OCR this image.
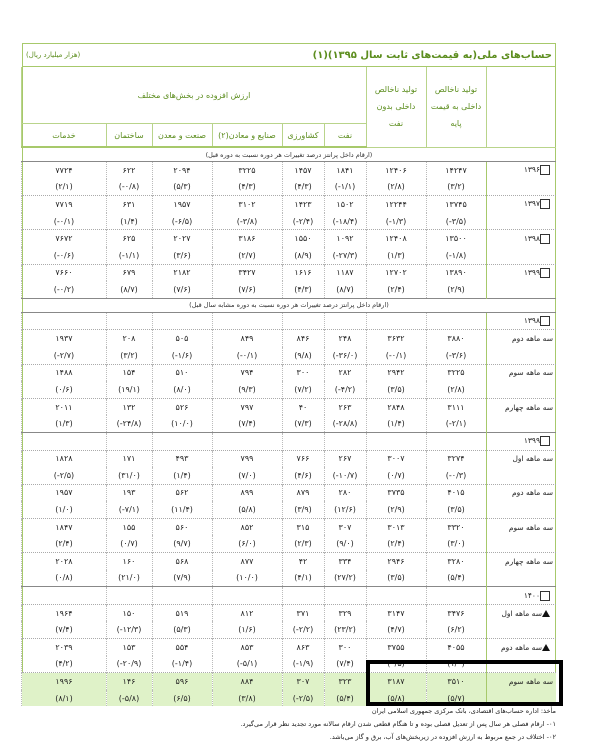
حساب‌های ملی(به قیمت‌های ثابت سال ۱۳۹۵)(۱)
(هزار میلیارد ریال)
	تولید ناخالص داخلی به قیمت پایه	تولید ناخالص داخلی بدون نفت	ارزش افزوده در بخش‌های مختلف					
			نفت	کشاورزی	صنایع و معادن(۲)	صنعت و معدن	ساختمان	خدمات
(ارقام داخل پرانتز درصد تغییرات هر دوره نسبت به دوره قبل)								
۱۳۹۶	۱۴۲۴۷	۱۲۴۰۶	۱۸۴۱	۱۴۵۷	۳۲۲۵	۲۰۹۴	۶۲۲	۷۷۲۴
	(۳/۲)	(۲/۸)	(۱/۱-)	(۴/۳)	(۴/۳)	(۵/۳)	(۰/۸-)	(۲/۱)
۱۳۹۷	۱۳۷۴۵	۱۲۲۴۴	۱۵۰۲	۱۴۲۳	۳۱۰۲	۱۹۵۷	۶۳۱	۷۷۱۹
	(۳/۵-)	(۱/۳-)	(۱۸/۴-)	(۲/۴-)	(۳/۸-)	(۶/۵-)	(۱/۴)	(۰/۱-)
۱۳۹۸	۱۳۵۰۰	۱۲۴۰۸	۱۰۹۲	۱۵۵۰	۳۱۸۶	۲۰۲۷	۶۲۵	۷۶۷۲
	(۱/۸-)	(۱/۳)	(۲۷/۳-)	(۸/۹)	(۲/۷)	(۳/۶)	(۱/۱-)	(۰/۶-)
۱۳۹۹	۱۳۸۹۰	۱۲۷۰۲	۱۱۸۷	۱۶۱۶	۳۴۲۷	۲۱۸۲	۶۷۹	۷۶۶۰
	(۲/۹)	(۲/۴)	(۸/۷)	(۴/۳)	(۷/۶)	(۷/۶)	(۸/۷)	(۰/۲-)
(ارقام داخل پرانتز درصد تغییرات هر دوره نسبت به دوره مشابه سال قبل)								
۱۳۹۸								
سه ماهه دوم	۳۸۸۰	۳۶۳۲	۲۴۸	۸۴۶	۸۴۹	۵۰۵	۲۰۸	۱۹۳۷
	(۳/۶-)	(۰/۱-)	(۳۶/۰-)	(۹/۸)	(۰/۱-)	(۱/۶-)	(۳/۲)	(۲/۷-)
سه ماهه سوم	۳۲۲۵	۲۹۴۲	۲۸۲	۳۰۰	۷۹۴	۵۱۰	۱۵۴	۱۴۸۸
	(۲/۸)	(۳/۵)	(۴/۲-)	(۷/۲)	(۹/۳)	(۸/۰)	(۱۹/۱)	(۰/۶)
سه ماهه چهارم	۳۱۱۱	۲۸۴۸	۲۶۳	۴۰	۷۹۷	۵۲۶	۱۳۲	۲۰۱۱
	(۲/۱-)	(۱/۴)	(۲۸/۸-)	(۷/۳)	(۷/۴)	(۱۰/۰)	(۲۴/۸-)	(۱/۳)
۱۳۹۹								
سه ماهه اول	۳۲۷۴	۳۰۰۷	۲۶۷	۷۶۶	۷۹۹	۴۹۳	۱۷۱	۱۸۲۸
	(۰/۳-)	(۰/۷)	(۱۰/۷-)	(۴/۶)	(۷/۰)	(۱/۴)	(۳۱/۰)	(۲/۵-)
سه ماهه دوم	۴۰۱۵	۳۷۳۵	۲۸۰	۸۷۹	۸۹۹	۵۶۲	۱۹۳	۱۹۵۷
	(۳/۵)	(۲/۹)	(۱۲/۶)	(۳/۹)	(۵/۸)	(۱۱/۴)	(۷/۱-)	(۱/۰)
سه ماهه سوم	۳۳۲۰	۳۰۱۳	۳۰۷	۳۱۵	۸۵۲	۵۶۰	۱۵۵	۱۸۴۷
	(۳/۰)	(۲/۴)	(۹/۰)	(۲/۳)	(۶/۰)	(۹/۷)	(۰/۷)	(۲/۴)
سه ماهه چهارم	۳۲۸۰	۲۹۴۶	۳۳۴	۴۲	۸۷۷	۵۶۸	۱۶۰	۲۰۲۸
	(۵/۴)	(۳/۵)	(۲۷/۲)	(۴/۱)	(۱۰/۰)	(۷/۹)	(۲۱/۰)	(۰/۸)
۱۴۰۰								
سه ماهه اول	۳۴۷۶	۳۱۴۷	۳۲۹	۳۷۱	۸۱۲	۵۱۹	۱۵۰	۱۹۶۴
	(۶/۲)	(۴/۷)	(۲۳/۲)	(۲/۲-)	(۱/۶)	(۵/۳)	(۱۲/۳-)	(۷/۴)
سه ماهه دوم	۴۰۵۵	۳۷۵۵	۳۰۰	۸۶۳	۸۵۳	۵۵۴	۱۵۳	۲۰۳۹
	(۱/۰)	(۰/۵)	(۷/۴)	(۱/۹-)	(۵/۱-)	(۱/۴-)	(۲۰/۹-)	(۴/۲)
سه ماهه سوم	۳۵۱۰	۳۱۸۷	۳۲۳	۳۰۷	۸۸۴	۵۹۶	۱۴۶	۱۹۹۶
	(۵/۷)	(۵/۸)	(۵/۴)	(۲/۵-)	(۳/۸)	(۶/۵)	(۵/۸-)	(۸/۱)
مأخذ: اداره حساب‌های اقتصادی، بانک مرکزی جمهوری اسلامی ایران
۰۱- ارقام فصلی هر سال پس از تعدیل فصلی بوده و تا هنگام قطعی شدن ارقام سالانه مورد تجدید نظر قرار می‌گیرد.
۰۲- اختلاف در جمع مربوط به ارزش افزوده در زیربخش‌های آب، برق و گاز می‌باشد.
